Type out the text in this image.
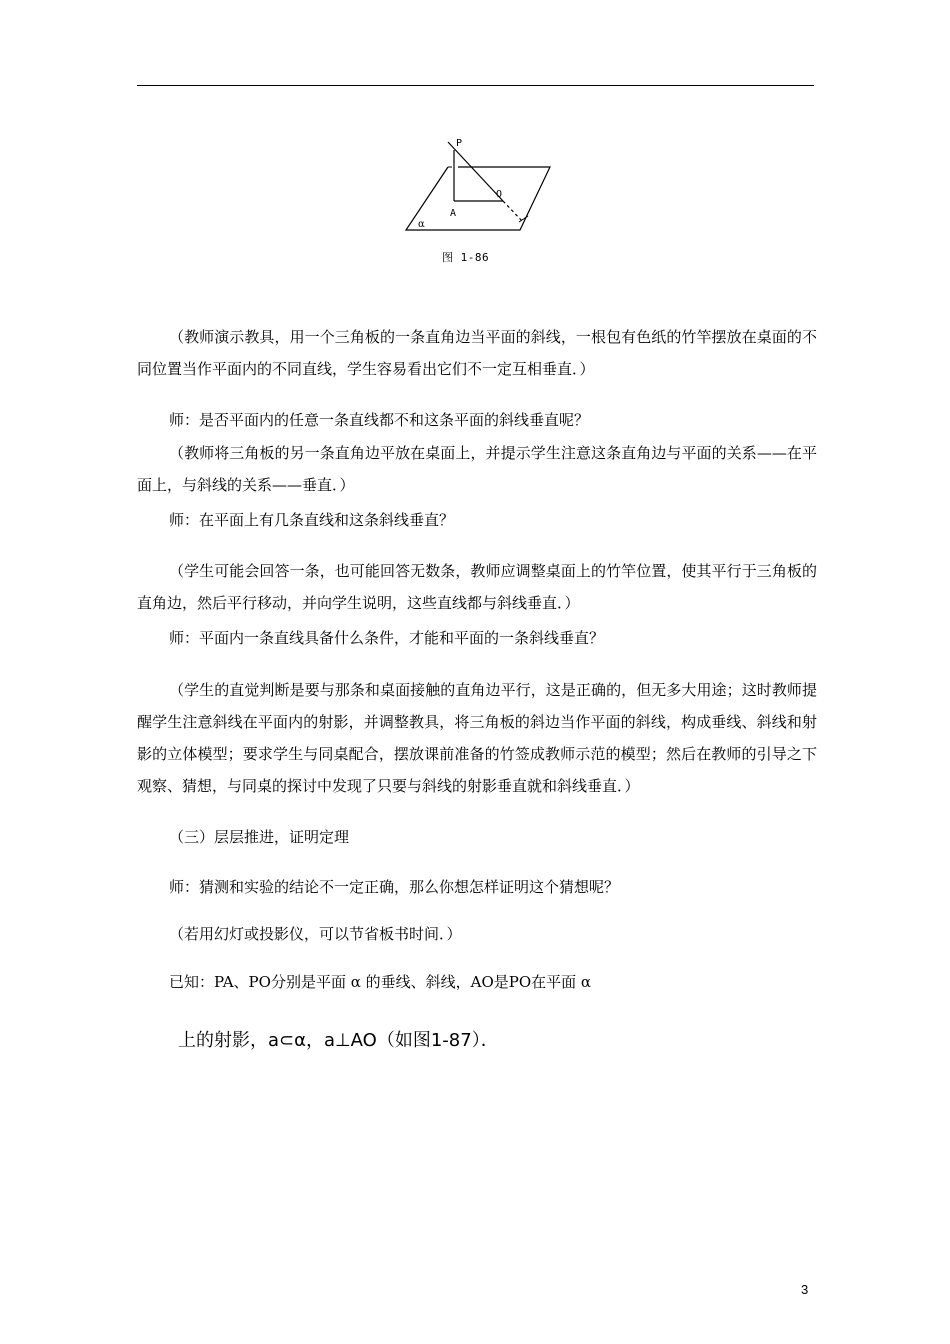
P
O
A
α
图 1-86

（教师演示教具，用一个三角板的一条直角边当平面的斜线，一根包有色纸的竹竿摆放在桌面的不同位置当作平面内的不同直线，学生容易看出它们不一定互相垂直．）

师：是否平面内的任意一条直线都不和这条平面的斜线垂直呢？

（教师将三角板的另一条直角边平放在桌面上，并提示学生注意这条直角边与平面的关系——在平面上，与斜线的关系——垂直．）

师：在平面上有几条直线和这条斜线垂直？

（学生可能会回答一条，也可能回答无数条，教师应调整桌面上的竹竿位置，使其平行于三角板的直角边，然后平行移动，并向学生说明，这些直线都与斜线垂直．）

师：平面内一条直线具备什么条件，才能和平面的一条斜线垂直？

（学生的直觉判断是要与那条和桌面接触的直角边平行，这是正确的，但无多大用途；这时教师提醒学生注意斜线在平面内的射影，并调整教具，将三角板的斜边当作平面的斜线，构成垂线、斜线和射影的立体模型；要求学生与同桌配合，摆放课前准备的竹签成教师示范的模型；然后在教师的引导之下观察、猜想，与同桌的探讨中发现了只要与斜线的射影垂直就和斜线垂直．）

（三）层层推进，证明定理

师：猜测和实验的结论不一定正确，那么你想怎样证明这个猜想呢？

（若用幻灯或投影仪，可以节省板书时间．）

已知：PA、PO分别是平面 α 的垂线、斜线，AO是PO在平面 α

上的射影，a⊂α，a⊥AO（如图1-87）．

3
